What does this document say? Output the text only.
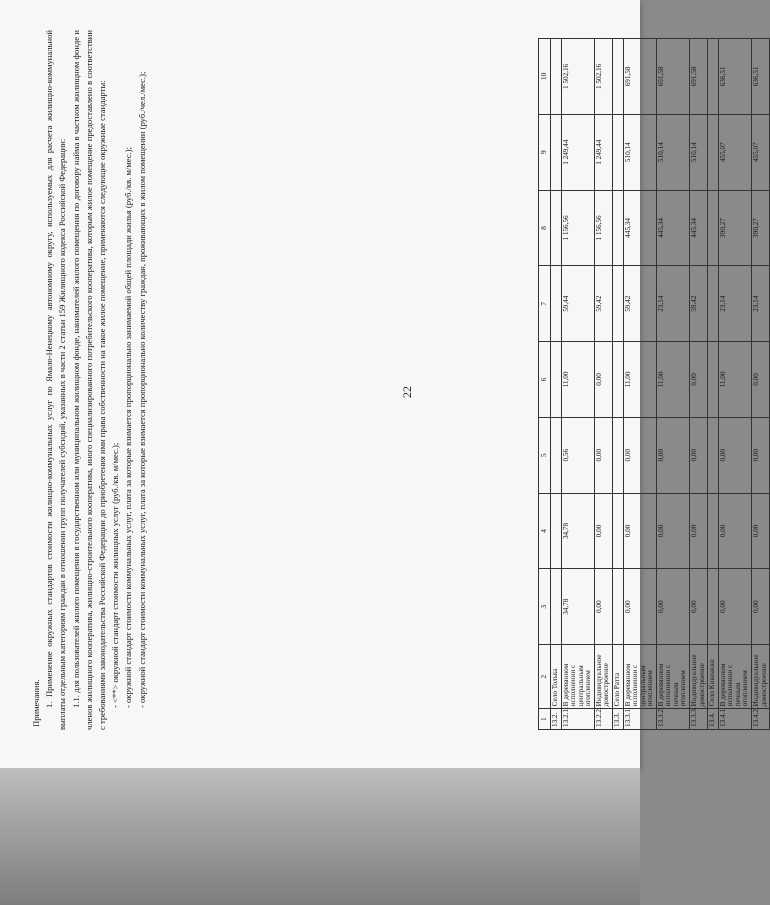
22
1	2	3	4	5	6	7	8	9	10
13.2.	Село Толька								
13.2.1.	В деревянном исполнении с центральным отоплением	34,78	34,78	0,56	11,00	59,44	1 156,56	1 249,44	1 502,16
13.2.2.	Индивидуальное домостроение	0,00	0,00	0,00	0,00	59,42	1 156,56	1 249,44	1 502,16
13.3.	Село Ратта								
13.3.1.	В деревянном исполнении с центральным отоплением	0,00	0,00	0,00	11,00	59,42	445,34	510,14	691,58
13.3.2.	В деревянном исполнении с печным отоплением	0,00	0,00	0,00	11,00	23,14	445,34	510,14	691,58
13.3.3.	Индивидуальное домостроение	0,00	0,00	0,00	0,00	59,42	445,34	510,14	691,58
13.4.	Село Кикиакки								
13.4.1.	В деревянном исполнении с печным отоплением	0,00	0,00	0,00	11,00	23,14	390,27	455,07	636,51
13.4.2.	Индивидуальное домостроение	0,00	0,00	0,00	0,00	23,14	390,27	455,07	636,51

Примечания. 1. Применение окружных стандартов стоимости жилищно-коммунальных услуг по Ямало-Ненецкому автономному округу, используемых для расчета жилищно-коммунальной выплаты отдельным категориям граждан в отношении групп получателей субсидий, указанных в части 2 статьи 159 Жилищного кодекса Российской Федерации: 1.1. для пользователей жилого помещения в государственном или муниципальном жилищном фонде, нанимателей жилого помещения по договору найма в частном жилищном фонде и членов жилищного кооператива, жилищно-строительного кооператива, иного специализированного потребительского кооператива, которым жилое помещение предоставлено в соответствии с требованиями законодательства Российской Федерации до приобретения ими права собственности на такое жилое помещение, применяются следующие окружные стандарты: - <**> окружной стандарт стоимости жилищных услуг (руб./кв. м/мес.); - окружной стандарт стоимости коммунальных услуг, плата за которые взимается пропорционально занимаемой общей площади жилья (руб./кв. м/мес.); - окружной стандарт стоимости коммунальных услуг, плата за которые взимается пропорционально количеству граждан, проживающих в жилом помещении (руб./чел./мес.);
